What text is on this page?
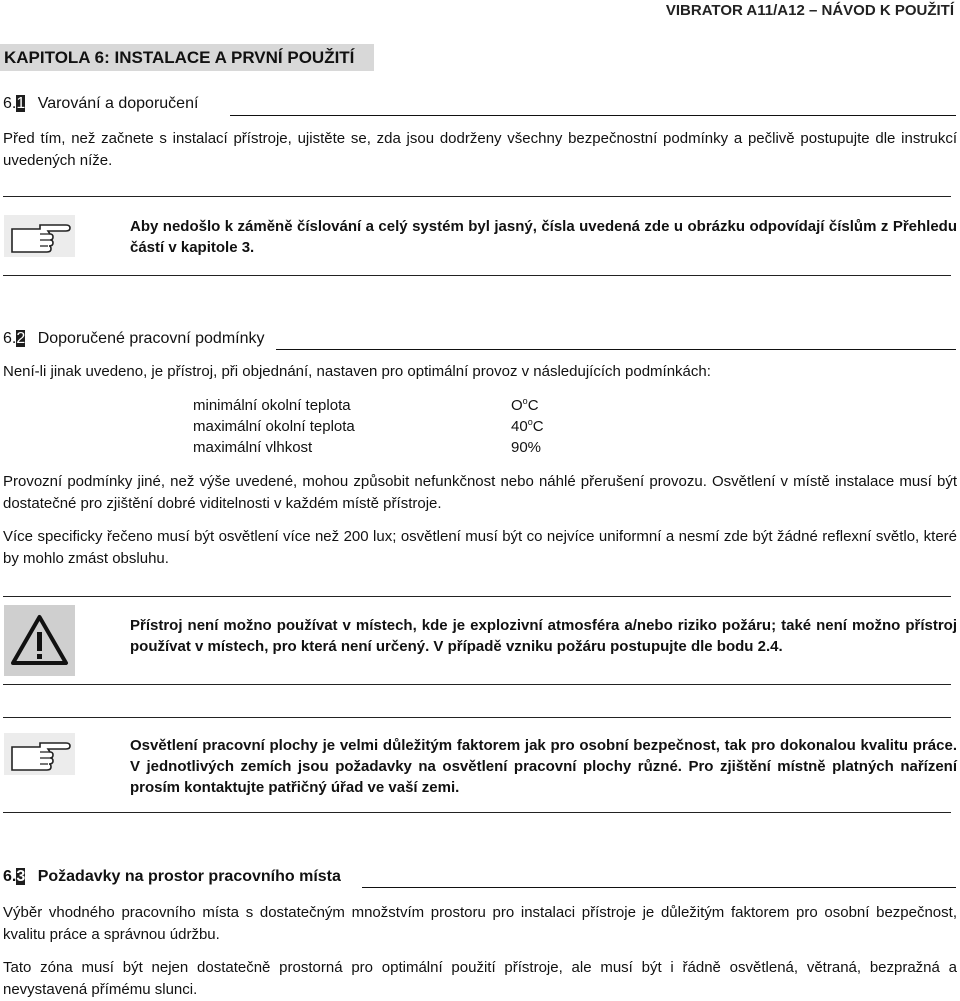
VIBRATOR A11/A12 – NÁVOD K POUŽITÍ
KAPITOLA 6: INSTALACE A PRVNÍ POUŽITÍ
6.1 Varování a doporučení
Před tím, než začnete s instalací přístroje, ujistěte se, zda jsou dodrženy všechny bezpečnostní podmínky a pečlivě postupujte dle instrukcí uvedených níže.
Aby nedošlo k záměně číslování a celý systém byl jasný, čísla uvedená zde u obrázku odpovídají číslům z Přehledu částí v kapitole 3.
6.2 Doporučené pracovní podmínky
Není-li jinak uvedeno, je přístroj, při objednání, nastaven pro optimální provoz v následujících podmínkách:
minimální okolní teplota	$O^oC$
maximální okolní teplota	40$^o$C
maximální vlhkost	90%
Provozní podmínky jiné, než výše uvedené, mohou způsobit nefunkčnost nebo náhlé přerušení provozu. Osvětlení v místě instalace musí být dostatečné pro zjištění dobré viditelnosti v každém místě přístroje.
Více specificky řečeno musí být osvětlení více než 200 lux; osvětlení musí být co nejvíce uniformní a nesmí zde být žádné reflexní světlo, které by mohlo zmást obsluhu.
Přístroj není možno používat v místech, kde je explozivní atmosféra a/nebo riziko požáru; také není možno přístroj používat v místech, pro která není určený. V případě vzniku požáru postupujte dle bodu 2.4.
Osvětlení pracovní plochy je velmi důležitým faktorem jak pro osobní bezpečnost, tak pro dokonalou kvalitu práce. V jednotlivých zemích jsou požadavky na osvětlení pracovní plochy různé. Pro zjištění místně platných nařízení prosím kontaktujte patřičný úřad ve vaší zemi.
6.3 Požadavky na prostor pracovního místa
Výběr vhodného pracovního místa s dostatečným množstvím prostoru pro instalaci přístroje je důležitým faktorem pro osobní bezpečnost, kvalitu práce a správnou údržbu.
Tato zóna musí být nejen dostatečně prostorná pro optimální použití přístroje, ale musí být i řádně osvětlená, větraná, bezpražná a nevystavená přímému slunci.
